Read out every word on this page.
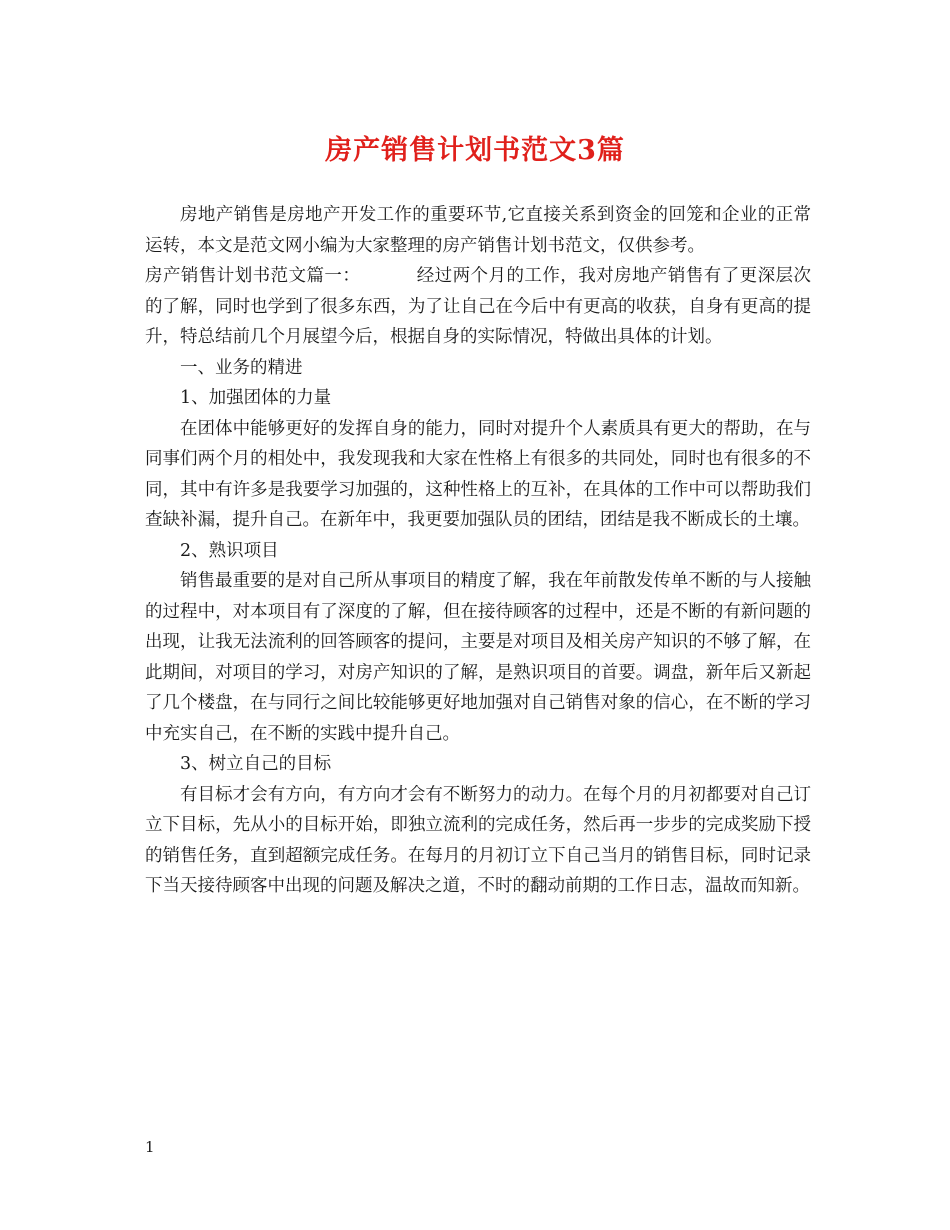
房产销售计划书范文3篇

房地产销售是房地产开发工作的重要环节,它直接关系到资金的回笼和企业的正常运转，本文是范文网小编为大家整理的房产销售计划书范文，仅供参考。

房产销售计划书范文篇一：	经过两个月的工作，我对房地产销售有了更深层次的了解，同时也学到了很多东西，为了让自己在今后中有更高的收获，自身有更高的提升，特总结前几个月展望今后，根据自身的实际情况，特做出具体的计划。

一、业务的精进

1、加强团体的力量

在团体中能够更好的发挥自身的能力，同时对提升个人素质具有更大的帮助，在与同事们两个月的相处中，我发现我和大家在性格上有很多的共同处，同时也有很多的不同，其中有许多是我要学习加强的，这种性格上的互补，在具体的工作中可以帮助我们查缺补漏，提升自己。在新年中，我更要加强队员的团结，团结是我不断成长的土壤。

2、熟识项目

销售最重要的是对自己所从事项目的精度了解，我在年前散发传单不断的与人接触的过程中，对本项目有了深度的了解，但在接待顾客的过程中，还是不断的有新问题的出现，让我无法流利的回答顾客的提问，主要是对项目及相关房产知识的不够了解，在此期间，对项目的学习，对房产知识的了解，是熟识项目的首要。调盘，新年后又新起了几个楼盘，在与同行之间比较能够更好地加强对自己销售对象的信心，在不断的学习中充实自己，在不断的实践中提升自己。

3、树立自己的目标

有目标才会有方向，有方向才会有不断努力的动力。在每个月的月初都要对自己订立下目标，先从小的目标开始，即独立流利的完成任务，然后再一步步的完成奖励下授的销售任务，直到超额完成任务。在每月的月初订立下自己当月的销售目标，同时记录下当天接待顾客中出现的问题及解决之道，不时的翻动前期的工作日志，温故而知新。

1
